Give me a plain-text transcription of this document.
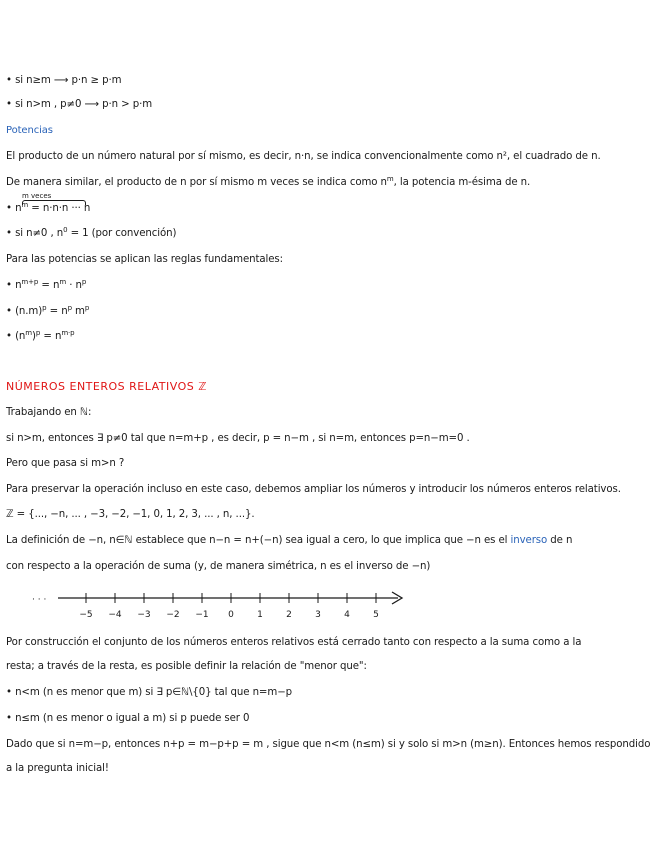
• si n≥m ⟶ p·n ≥ p·m
• si n>m , p≠0 ⟶ p·n > p·m
Potencias
El producto de un número natural por sí mismo, es decir, n·n, se indica convencionalmente como n², el cuadrado de n.
De manera similar, el producto de n por sí mismo m veces se indica como $n^m$, la potencia m-ésima de n.
m veces
• $n^m = n\cdot n\cdot n$ ··· n
• si n≠0 , $n^0 = 1$ (por convención)
Para las potencias se aplican las reglas fundamentales:
• $n^{m+p} = n^m \cdot n^p$
• $(n.m)^p = n^p$ $m^p$
• $(n^m)^p = n^{m\cdot p}$
NÚMEROS ENTEROS RELATIVOS ℤ
Trabajando en ℕ:
si n>m, entonces ∃ p≠0 tal que n=m+p , es decir, p = n−m , si n=m, entonces p=n−m=0 .
Pero que pasa si m>n ?
Para preservar la operación incluso en este caso, debemos ampliar los números y introducir los números enteros relativos.
ℤ = {..., −n, ... , −3, −2, −1, 0, 1, 2, 3, ... , n, ...}.
La definición de −n, n∈ℕ establece que n−n = n+(−n) sea igual a cero, lo que implica que −n es el inverso de n
con respecto a la operación de suma (y, de manera simétrica, n es el inverso de −n)
· · ·
−5 −4 −3 −2 −1 0	1	2	3	4	5
Por construcción el conjunto de los números enteros relativos está cerrado tanto con respecto a la suma como a la
resta; a través de la resta, es posible definir la relación de "menor que":
• n<m (n es menor que m) si ∃ p∈ℕ\{0} tal que n=m−p
• n≤m (n es menor o igual a m) si p puede ser 0
Dado que si n=m−p, entonces n+p = m−p+p = m , sigue que n<m (n≤m) si y solo si m>n (m≥n). Entonces hemos respondido
a la pregunta inicial!
